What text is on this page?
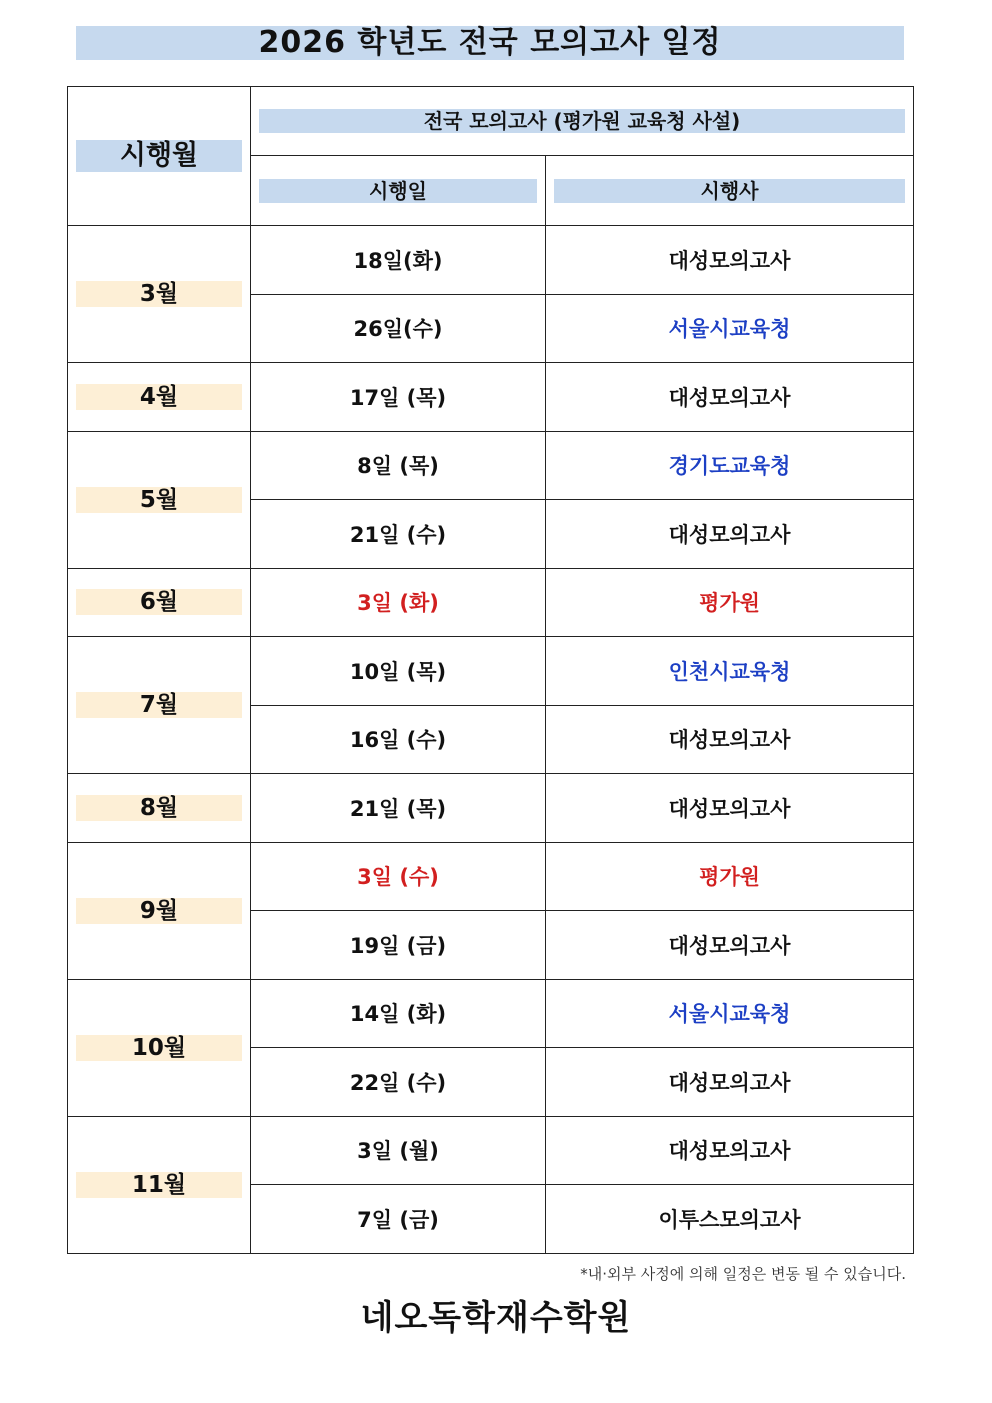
2026 학년도 전국 모의고사 일정
시행월	전국 모의고사 (평가원 교육청 사설)	

	시행일	시행사

3월	18일(화)	대성모의고사
	26일(수)	서울시교육청

4월	17일 (목)	대성모의고사

5월	8일 (목)	경기도교육청
	21일 (수)	대성모의고사

6월	3일 (화)	평가원

7월	10일 (목)	인천시교육청
	16일 (수)	대성모의고사

8월	21일 (목)	대성모의고사

9월	3일 (수)	평가원
	19일 (금)	대성모의고사

10월	14일 (화)	서울시교육청
	22일 (수)	대성모의고사

11월	3일 (월)	대성모의고사
	7일 (금)	이투스모의고사
*내·외부 사정에 의해 일정은 변동 될 수 있습니다.
네오독학재수학원
